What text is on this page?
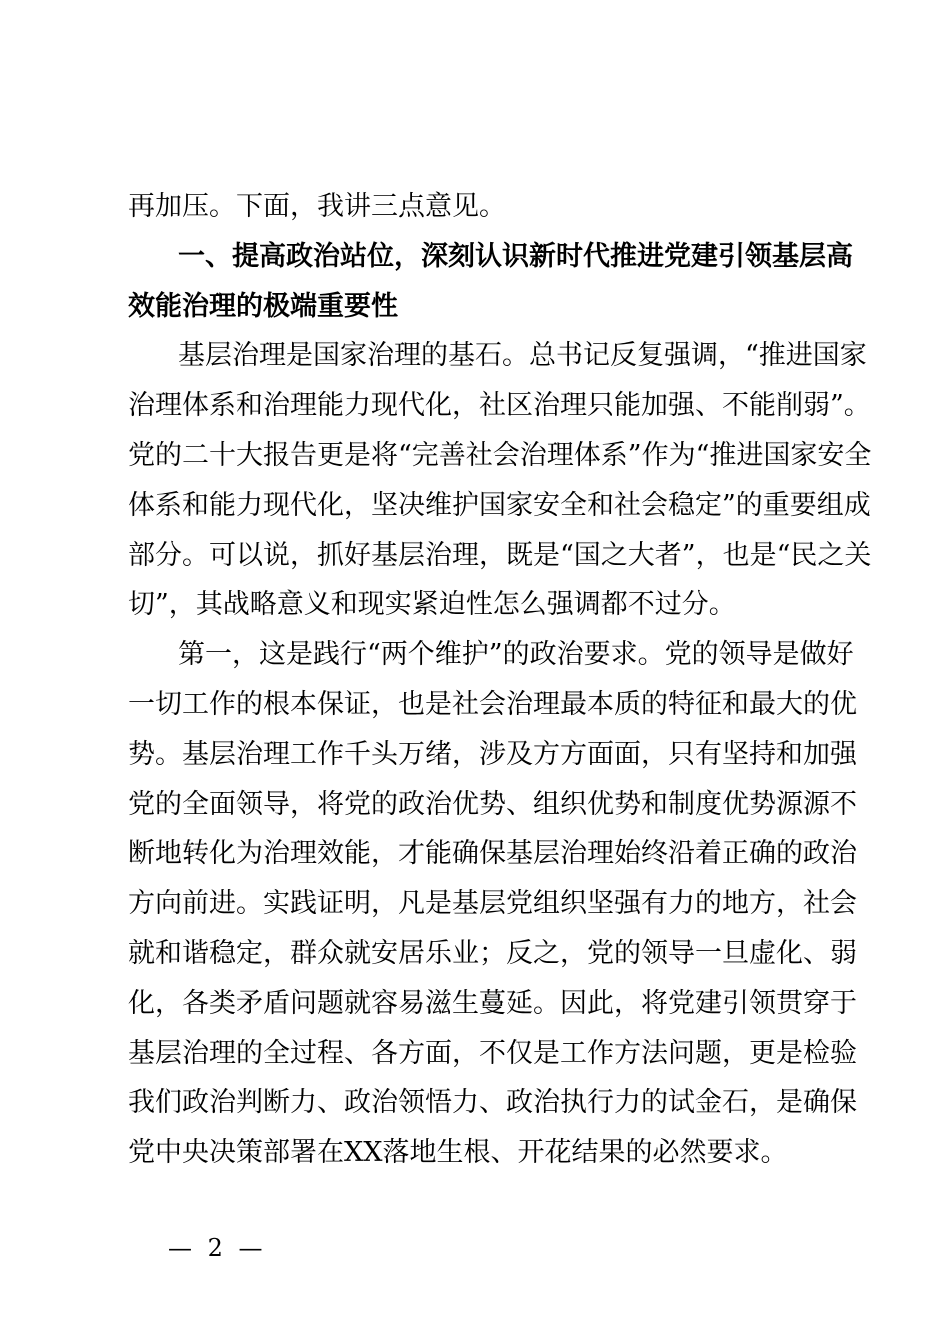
再加压。下面，我讲三点意见。
一、提高政治站位，深刻认识新时代推进党建引领基层高
效能治理的极端重要性
基层治理是国家治理的基石。总书记反复强调，“推进国家
治理体系和治理能力现代化，社区治理只能加强、不能削弱”。
党的二十大报告更是将“完善社会治理体系”作为“推进国家安全
体系和能力现代化，坚决维护国家安全和社会稳定”的重要组成
部分。可以说，抓好基层治理，既是“国之大者”，也是“民之关
切”，其战略意义和现实紧迫性怎么强调都不过分。
第一，这是践行“两个维护”的政治要求。党的领导是做好
一切工作的根本保证，也是社会治理最本质的特征和最大的优
势。基层治理工作千头万绪，涉及方方面面，只有坚持和加强
党的全面领导，将党的政治优势、组织优势和制度优势源源不
断地转化为治理效能，才能确保基层治理始终沿着正确的政治
方向前进。实践证明，凡是基层党组织坚强有力的地方，社会
就和谐稳定，群众就安居乐业；反之，党的领导一旦虚化、弱
化，各类矛盾问题就容易滋生蔓延。因此，将党建引领贯穿于
基层治理的全过程、各方面，不仅是工作方法问题，更是检验
我们政治判断力、政治领悟力、政治执行力的试金石，是确保
党中央决策部署在XX落地生根、开花结果的必然要求。
— 2 —
